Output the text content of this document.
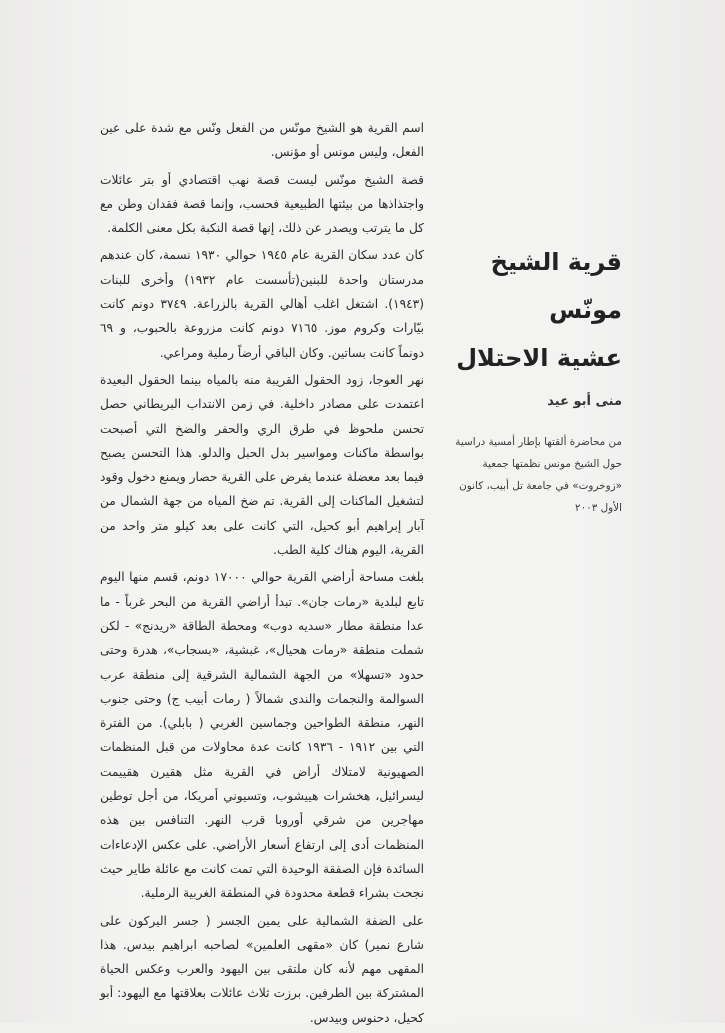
قرية الشيخ مونّس
عشية الاحتلال

منى أبو عيد

من محاضرة ألقتها بإطار أمسية دراسية حول الشيخ مونس نظمتها جمعية «زوخروت» في جامعة تل أبيب، كانون الأول ٢٠٠٣

اسم القرية هو الشيخ مونّس من الفعل ونّس مع شدة على عين الفعل، وليس مونس أو مؤنس.

قصة الشيخ مونّس ليست قصة نهب اقتصادي أو بتر عائلات واجتذاذها من بيئتها الطبيعية فحسب، وإنما قصة فقدان وطن مع كل ما يترتب ويصدر عن ذلك، إنها قصة النكبة بكل معنى الكلمة.

كان عدد سكان القرية عام ١٩٤٥ حوالي ١٩٣٠ نسمة، كان عندهم مدرستان واحدة للبنين(تأسست عام ١٩٣٢) وأخرى للبنات (١٩٤٣). اشتغل اغلب أهالي القرية بالزراعة. ٣٧٤٩ دونم كانت بيّارات وكروم موز. ٧١٦٥ دونم كانت مزروعة بالحبوب، و ٦٩ دونماً كانت بساتين. وكان الباقي أرضاً رملية ومراعي.

نهر العوجا، زود الحقول القريبة منه بالمياه بينما الحقول البعيدة اعتمدت على مصادر داخلية. في زمن الانتداب البريطاني حصل تحسن ملحوظ في طرق الري والحفر والضخ التي أصبحت بواسطة ماكنات ومواسير بدل الحبل والدلو. هذا التحسن يصبح فيما بعد معضلة عندما يفرض على القرية حصار ويمنع دخول وقود لتشغيل الماكنات إلى القرية. تم ضخ المياه من جهة الشمال من آبار إبراهيم أبو كحيل، التي كانت على بعد كيلو متر واحد من القرية، اليوم هناك كلية الطب.

بلغت مساحة أراضي القرية حوالي ١٧٠٠٠ دونم، قسم منها اليوم تابع لبلدية «رمات جان». تبدأ أراضي القرية من البحر غرباً - ما عدا منطقة مطار «سديه دوب» ومحطة الطاقة «ريدنج» - لكن شملت منطقة «رمات هحيال»، غبشية، «بسجاب»، هدرة وحتى حدود «تسهلا» من الجهة الشمالية الشرقية إلى منطقة عرب السوالمة والنجمات والندى شمالاً ( رمات أبيب ج) وحتى جنوب النهر، منطقة الطواحين وجماسين الغربي ( بابلي). من الفترة التي بين ١٩١٢ - ١٩٣٦ كانت عدة محاولات من قبل المنظمات الصهيونية لامتلاك أراض في القرية مثل هقيرن هقييمت ليسرائيل، هخشرات هييشوب، وتسيوني أمريكا، من أجل توطين مهاجرين من شرقي أوروبا قرب النهر. التنافس بين هذه المنظمات أدى إلى ارتفاع أسعار الأراضي. على عكس الإدعاءات السائدة فإن الصفقة الوحيدة التي تمت كانت مع عائلة طاير حيث نجحت بشراء قطعة محدودة في المنطقة الغربية الرملية.

على الضفة الشمالية على يمين الجسر ( جسر اليركون على شارع نمير) كان «مقهى العلمين» لصاحبه ابراهيم بيدس. هذا المقهى مهم لأنه كان ملتقى بين اليهود والعرب وعكس الحياة المشتركة بين الطرفين. برزت ثلاث عائلات بعلاقتها مع اليهود: أبو كحيل، دحنوس وبيدس.
